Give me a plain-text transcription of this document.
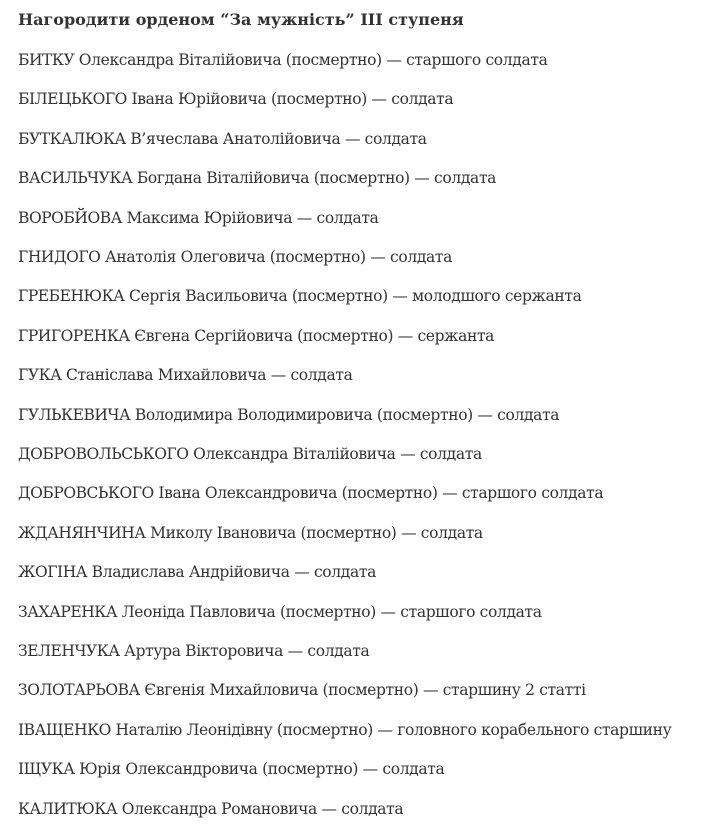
Нагородити орденом “За мужність” III ступеня
БИТКУ Олександра Віталійовича (посмертно) — старшого солдата
БІЛЕЦЬКОГО Івана Юрійовича (посмертно) — солдата
БУТКАЛЮКА В’ячеслава Анатолійовича — солдата
ВАСИЛЬЧУКА Богдана Віталійовича (посмертно) — солдата
ВОРОБЙОВА Максима Юрійовича — солдата
ГНИДОГО Анатолія Олеговича (посмертно) — солдата
ГРЕБЕНЮКА Сергія Васильовича (посмертно) — молодшого сержанта
ГРИГОРЕНКА Євгена Сергійовича (посмертно) — сержанта
ГУКА Станіслава Михайловича — солдата
ГУЛЬКЕВИЧА Володимира Володимировича (посмертно) — солдата
ДОБРОВОЛЬСЬКОГО Олександра Віталійовича — солдата
ДОБРОВСЬКОГО Івана Олександровича (посмертно) — старшого солдата
ЖДАНЯНЧИНА Миколу Івановича (посмертно) — солдата
ЖОГІНА Владислава Андрійовича — солдата
ЗАХАРЕНКА Леоніда Павловича (посмертно) — старшого солдата
ЗЕЛЕНЧУКА Артура Вікторовича — солдата
ЗОЛОТАРЬОВА Євгенія Михайловича (посмертно) — старшину 2 статті
ІВАЩЕНКО Наталію Леонідівну (посмертно) — головного корабельного старшину
ІЩУКА Юрія Олександровича (посмертно) — солдата
КАЛИТЮКА Олександра Романовича — солдата
